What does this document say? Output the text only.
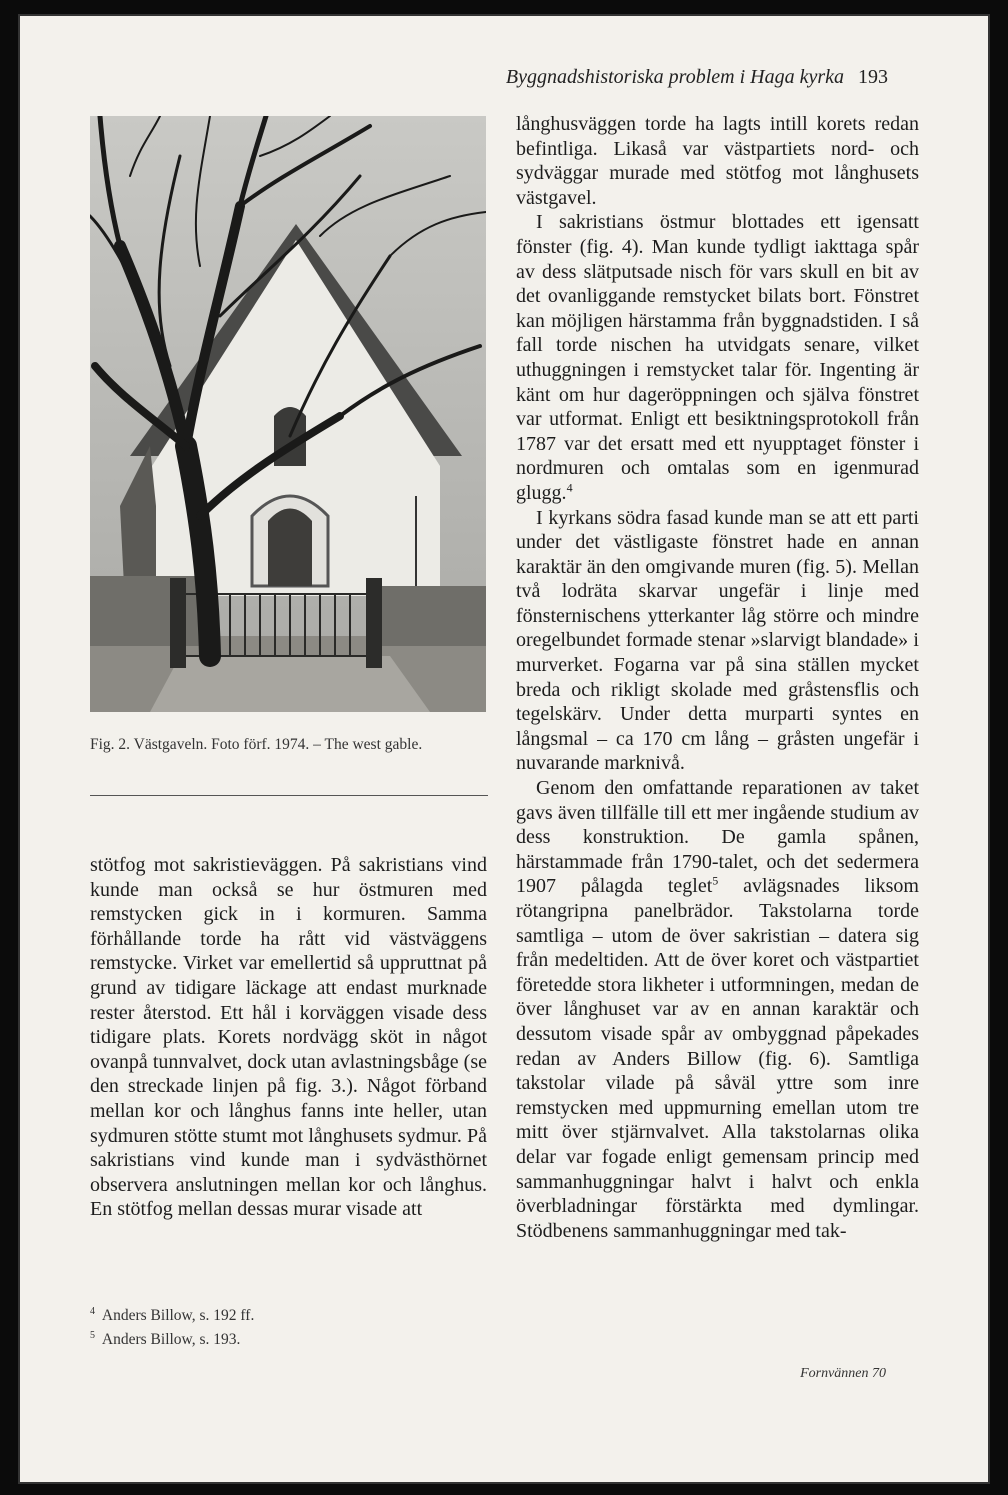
Byggnadshistoriska problem i Haga kyrka 193
Fig. 2. Västgaveln. Foto förf. 1974. – The west gable.

stötfog mot sakristieväggen. På sakristians vind kunde man också se hur östmuren med remstycken gick in i kormuren. Samma förhållande torde ha rått vid västväggens remstycke. Virket var emellertid så uppruttnat på grund av tidigare läckage att endast murknade rester återstod. Ett hål i korväggen visade dess tidigare plats. Korets nordvägg sköt in något ovanpå tunnvalvet, dock utan avlastningsbåge (se den streckade linjen på fig. 3.). Något förband mellan kor och långhus fanns inte heller, utan sydmuren stötte stumt mot långhusets sydmur. På sakristians vind kunde man i sydvästhörnet observera anslutningen mellan kor och långhus. En stötfog mellan dessas murar visade att

$^4$ Anders Billow, s. 192 ff.
$^5$ Anders Billow, s. 193.

långhusväggen torde ha lagts intill korets redan befintliga. Likaså var västpartiets nord- och sydväggar murade med stötfog mot långhusets västgavel.

I sakristians östmur blottades ett igensatt fönster (fig. 4). Man kunde tydligt iakttaga spår av dess slätputsade nisch för vars skull en bit av det ovanliggande remstycket bilats bort. Fönstret kan möjligen härstamma från byggnadstiden. I så fall torde nischen ha utvidgats senare, vilket uthuggningen i remstycket talar för. Ingenting är känt om hur dageröppningen och själva fönstret var utformat. Enligt ett besiktningsprotokoll från 1787 var det ersatt med ett nyupptaget fönster i nordmuren och omtalas som en igenmurad glugg.$^4$

I kyrkans södra fasad kunde man se att ett parti under det västligaste fönstret hade en annan karaktär än den omgivande muren (fig. 5). Mellan två lodräta skarvar ungefär i linje med fönsternischens ytterkanter låg större och mindre oregelbundet formade stenar »slarvigt blandade» i murverket. Fogarna var på sina ställen mycket breda och rikligt skolade med gråstensflis och tegelskärv. Under detta murparti syntes en långsmal – ca 170 cm lång – gråsten ungefär i nuvarande marknivå.

Genom den omfattande reparationen av taket gavs även tillfälle till ett mer ingående studium av dess konstruktion. De gamla spånen, härstammade från 1790-talet, och det sedermera 1907 pålagda teglet$^5$ avlägsnades liksom rötangripna panelbrädor. Takstolarna torde samtliga – utom de över sakristian – datera sig från medeltiden. Att de över koret och västpartiet företedde stora likheter i utformningen, medan de över långhuset var av en annan karaktär och dessutom visade spår av ombyggnad påpekades redan av Anders Billow (fig. 6). Samtliga takstolar vilade på såväl yttre som inre remstycken med uppmurning emellan utom tre mitt över stjärnvalvet. Alla takstolarnas olika delar var fogade enligt gemensam princip med sammanhuggningar halvt i halvt och enkla överbladningar förstärkta med dymlingar. Stödbenens sammanhuggningar med tak-

Fornvännen 70
